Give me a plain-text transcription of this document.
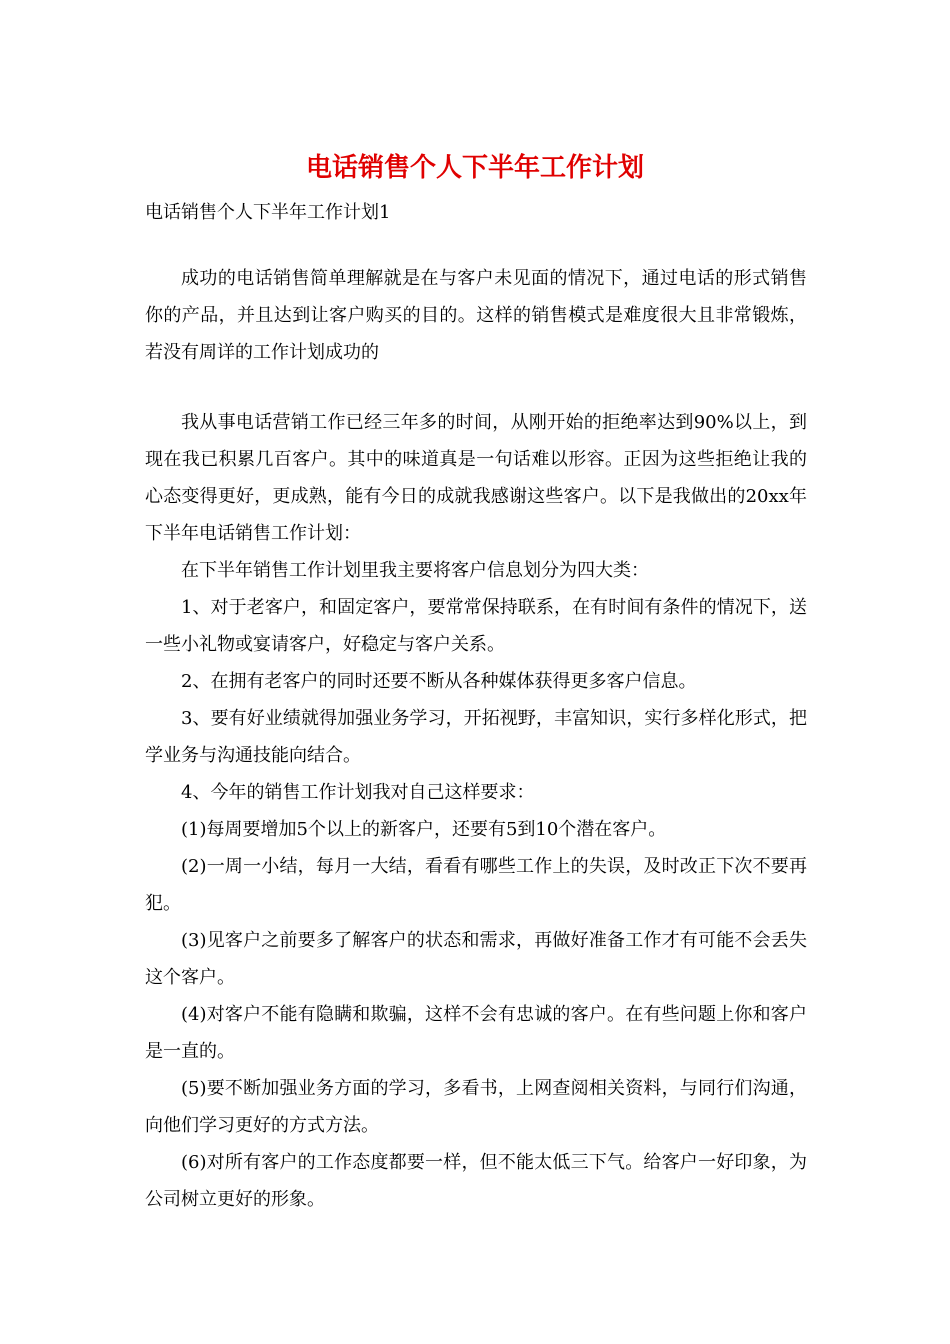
电话销售个人下半年工作计划

电话销售个人下半年工作计划1

成功的电话销售简单理解就是在与客户未见面的情况下，通过电话的形式销售你的产品，并且达到让客户购买的目的。这样的销售模式是难度很大且非常锻炼，若没有周详的工作计划成功的

我从事电话营销工作已经三年多的时间，从刚开始的拒绝率达到90%以上，到现在我已积累几百客户。其中的味道真是一句话难以形容。正因为这些拒绝让我的心态变得更好，更成熟，能有今日的成就我感谢这些客户。以下是我做出的20xx年下半年电话销售工作计划：

在下半年销售工作计划里我主要将客户信息划分为四大类：

1、对于老客户，和固定客户，要常常保持联系，在有时间有条件的情况下，送一些小礼物或宴请客户，好稳定与客户关系。

2、在拥有老客户的同时还要不断从各种媒体获得更多客户信息。

3、要有好业绩就得加强业务学习，开拓视野，丰富知识，实行多样化形式，把学业务与沟通技能向结合。

4、今年的销售工作计划我对自己这样要求：

(1)每周要增加5个以上的新客户，还要有5到10个潜在客户。

(2)一周一小结，每月一大结，看看有哪些工作上的失误，及时改正下次不要再犯。

(3)见客户之前要多了解客户的状态和需求，再做好准备工作才有可能不会丢失这个客户。

(4)对客户不能有隐瞒和欺骗，这样不会有忠诚的客户。在有些问题上你和客户是一直的。

(5)要不断加强业务方面的学习，多看书，上网查阅相关资料，与同行们沟通，向他们学习更好的方式方法。

(6)对所有客户的工作态度都要一样，但不能太低三下气。给客户一好印象，为公司树立更好的形象。
